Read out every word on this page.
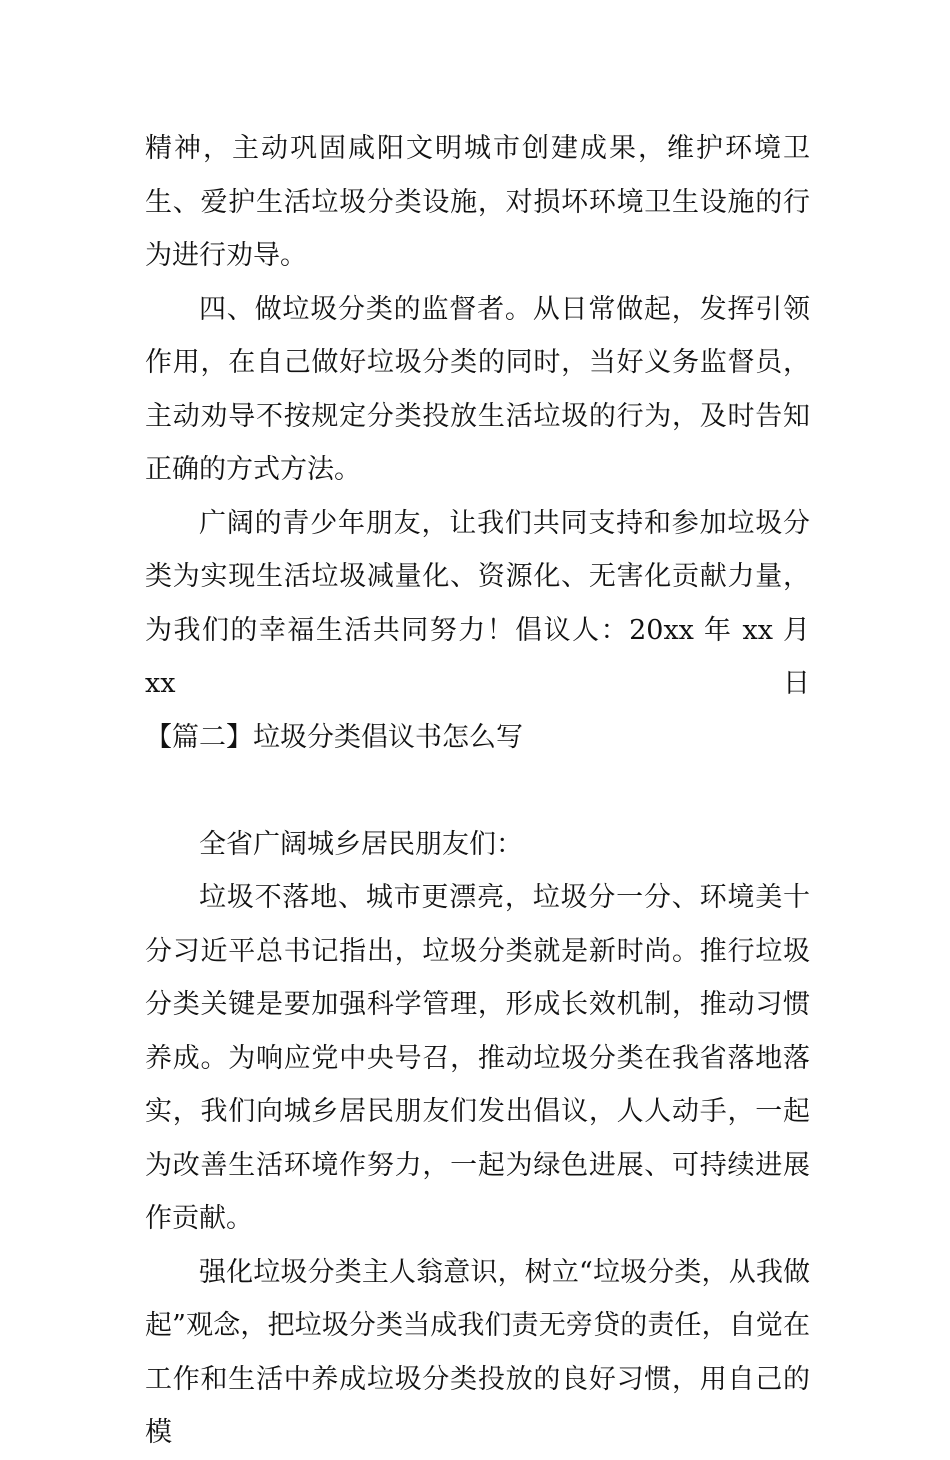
精神，主动巩固咸阳文明城市创建成果，维护环境卫生、爱护生活垃圾分类设施，对损坏环境卫生设施的行为进行劝导。

四、做垃圾分类的监督者。从日常做起，发挥引领作用，在自己做好垃圾分类的同时，当好义务监督员，主动劝导不按规定分类投放生活垃圾的行为，及时告知正确的方式方法。

广阔的青少年朋友，让我们共同支持和参加垃圾分类为实现生活垃圾减量化、资源化、无害化贡献力量，为我们的幸福生活共同努力！倡议人：20xx 年 xx 月 xx 日

【篇二】垃圾分类倡议书怎么写

全省广阔城乡居民朋友们：

垃圾不落地、城市更漂亮，垃圾分一分、环境美十分习近平总书记指出，垃圾分类就是新时尚。推行垃圾分类关键是要加强科学管理，形成长效机制，推动习惯养成。为响应党中央号召，推动垃圾分类在我省落地落实，我们向城乡居民朋友们发出倡议，人人动手，一起为改善生活环境作努力，一起为绿色进展、可持续进展作贡献。

强化垃圾分类主人翁意识，树立“垃圾分类，从我做起”观念，把垃圾分类当成我们责无旁贷的责任，自觉在工作和生活中养成垃圾分类投放的良好习惯，用自己的模
